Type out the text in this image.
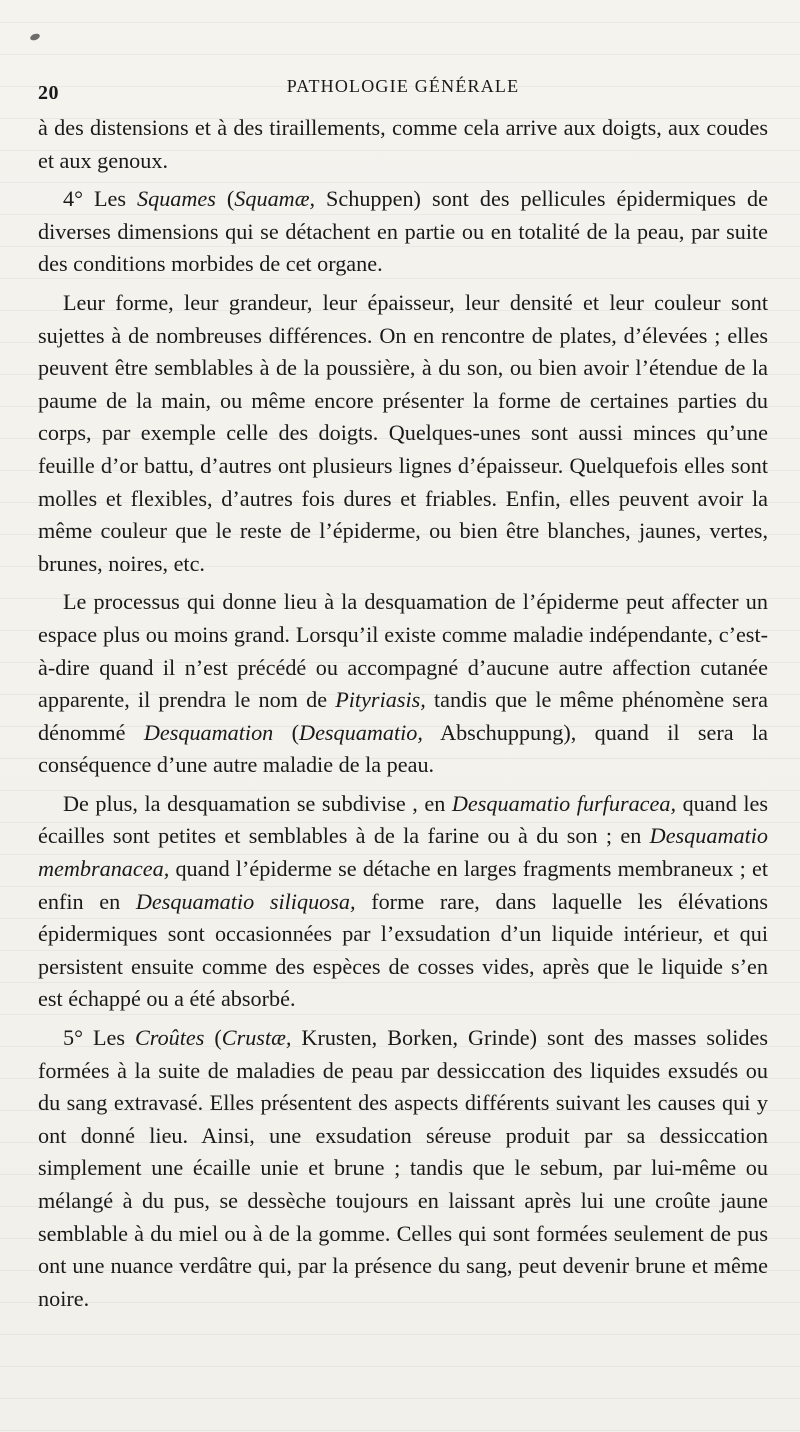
20	PATHOLOGIE GÉNÉRALE

à des distensions et à des tiraillements, comme cela arrive aux doigts, aux coudes et aux genoux.

4° Les Squames (Squamæ, Schuppen) sont des pellicules épidermiques de diverses dimensions qui se détachent en partie ou en totalité de la peau, par suite des conditions morbides de cet organe.

Leur forme, leur grandeur, leur épaisseur, leur densité et leur couleur sont sujettes à de nombreuses différences. On en rencontre de plates, d’élevées ; elles peuvent être semblables à de la poussière, à du son, ou bien avoir l’étendue de la paume de la main, ou même encore présenter la forme de certaines parties du corps, par exemple celle des doigts. Quelques-unes sont aussi minces qu’une feuille d’or battu, d’autres ont plusieurs lignes d’épaisseur. Quelquefois elles sont molles et flexibles, d’autres fois dures et friables. Enfin, elles peuvent avoir la même couleur que le reste de l’épiderme, ou bien être blanches, jaunes, vertes, brunes, noires, etc.

Le processus qui donne lieu à la desquamation de l’épiderme peut affecter un espace plus ou moins grand. Lorsqu’il existe comme maladie indépendante, c’est-à-dire quand il n’est précédé ou accompagné d’aucune autre affection cutanée apparente, il prendra le nom de Pityriasis, tandis que le même phénomène sera dénommé Desquamation (Desquamatio, Abschuppung), quand il sera la conséquence d’une autre maladie de la peau.

De plus, la desquamation se subdivise , en Desquamatio furfuracea, quand les écailles sont petites et semblables à de la farine ou à du son ; en Desquamatio membranacea, quand l’épiderme se détache en larges fragments membraneux ; et enfin en Desquamatio siliquosa, forme rare, dans laquelle les élévations épidermiques sont occasionnées par l’exsudation d’un liquide intérieur, et qui persistent ensuite comme des espèces de cosses vides, après que le liquide s’en est échappé ou a été absorbé.

5° Les Croûtes (Crustæ, Krusten, Borken, Grinde) sont des masses solides formées à la suite de maladies de peau par dessiccation des liquides exsudés ou du sang extravasé. Elles présentent des aspects différents suivant les causes qui y ont donné lieu. Ainsi, une exsudation séreuse produit par sa dessiccation simplement une écaille unie et brune ; tandis que le sebum, par lui-même ou mélangé à du pus, se dessèche toujours en laissant après lui une croûte jaune semblable à du miel ou à de la gomme. Celles qui sont formées seulement de pus ont une nuance verdâtre qui, par la présence du sang, peut devenir brune et même noire.
